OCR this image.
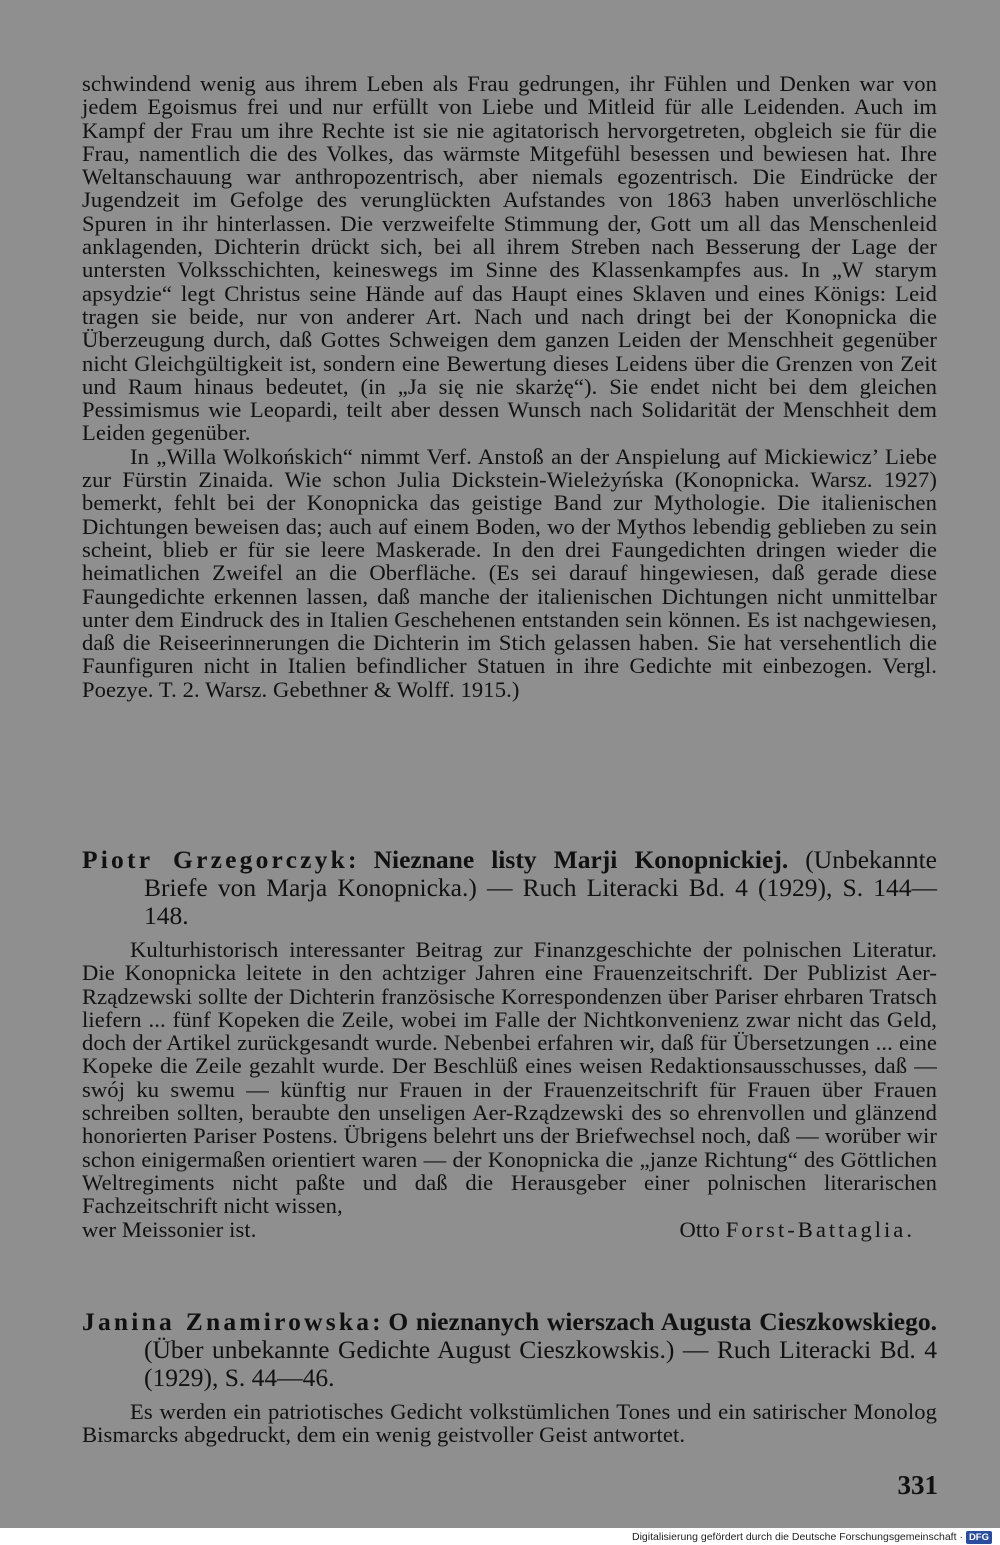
schwindend wenig aus ihrem Leben als Frau gedrungen, ihr Fühlen und Denken war von jedem Egoismus frei und nur erfüllt von Liebe und Mitleid für alle Leidenden. Auch im Kampf der Frau um ihre Rechte ist sie nie agitatorisch hervorgetreten, obgleich sie für die Frau, namentlich die des Volkes, das wärmste Mitgefühl besessen und bewiesen hat. Ihre Weltanschauung war anthropozentrisch, aber niemals egozentrisch. Die Eindrücke der Jugendzeit im Gefolge des verunglückten Aufstandes von 1863 haben unverlöschliche Spuren in ihr hinterlassen. Die verzweifelte Stimmung der, Gott um all das Menschenleid anklagenden, Dichterin drückt sich, bei all ihrem Streben nach Besserung der Lage der untersten Volksschichten, keineswegs im Sinne des Klassenkampfes aus. In „W starym apsydzie“ legt Christus seine Hände auf das Haupt eines Sklaven und eines Königs: Leid tragen sie beide, nur von anderer Art. Nach und nach dringt bei der Konopnicka die Überzeugung durch, daß Gottes Schweigen dem ganzen Leiden der Menschheit gegenüber nicht Gleichgültigkeit ist, sondern eine Bewertung dieses Leidens über die Grenzen von Zeit und Raum hinaus bedeutet, (in „Ja się nie skarżę“). Sie endet nicht bei dem gleichen Pessimismus wie Leopardi, teilt aber dessen Wunsch nach Solidarität der Menschheit dem Leiden gegenüber.

In „Willa Wolkońskich“ nimmt Verf. Anstoß an der Anspielung auf Mickiewicz’ Liebe zur Fürstin Zinaida. Wie schon Julia Dickstein-Wieleżyńska (Konopnicka. Warsz. 1927) bemerkt, fehlt bei der Konopnicka das geistige Band zur Mythologie. Die italienischen Dichtungen beweisen das; auch auf einem Boden, wo der Mythos lebendig geblieben zu sein scheint, blieb er für sie leere Maskerade. In den drei Faungedichten dringen wieder die heimatlichen Zweifel an die Oberfläche. (Es sei darauf hingewiesen, daß gerade diese Faungedichte erkennen lassen, daß manche der italienischen Dichtungen nicht unmittelbar unter dem Eindruck des in Italien Geschehenen entstanden sein können. Es ist nachgewiesen, daß die Reiseerinnerungen die Dichterin im Stich gelassen haben. Sie hat versehentlich die Faunfiguren nicht in Italien befindlicher Statuen in ihre Gedichte mit einbezogen. Vergl. Poezye. T. 2. Warsz. Gebethner & Wolff. 1915.)

Piotr Grzegorczyk: Nieznane listy Marji Konopnickiej. (Unbekannte Briefe von Marja Konopnicka.) — Ruch Literacki Bd. 4 (1929), S. 144—148.

Kulturhistorisch interessanter Beitrag zur Finanzgeschichte der polnischen Literatur. Die Konopnicka leitete in den achtziger Jahren eine Frauenzeitschrift. Der Publizist Aer-Rządzewski sollte der Dichterin französische Korrespondenzen über Pariser ehrbaren Tratsch liefern ... fünf Kopeken die Zeile, wobei im Falle der Nichtkonvenienz zwar nicht das Geld, doch der Artikel zurückgesandt wurde. Nebenbei erfahren wir, daß für Übersetzungen ... eine Kopeke die Zeile gezahlt wurde. Der Beschlüß eines weisen Redaktionsausschusses, daß — swój ku swemu — künftig nur Frauen in der Frauenzeitschrift für Frauen über Frauen schreiben sollten, beraubte den unseligen Aer-Rządzewski des so ehrenvollen und glänzend honorierten Pariser Postens. Übrigens belehrt uns der Briefwechsel noch, daß — worüber wir schon einigermaßen orientiert waren — der Konopnicka die „janze Richtung“ des Göttlichen Weltregiments nicht paßte und daß die Herausgeber einer polnischen literarischen Fachzeitschrift nicht wissen,

wer Meissonier ist.	Otto Forst-Battaglia.

Janina Znamirowska: O nieznanych wierszach Augusta Cieszkowskiego. (Über unbekannte Gedichte August Cieszkowskis.) — Ruch Literacki Bd. 4 (1929), S. 44—46.

Es werden ein patriotisches Gedicht volkstümlichen Tones und ein satirischer Monolog Bismarcks abgedruckt, dem ein wenig geistvoller Geist antwortet.

331
Digitalisierung gefördert durch die Deutsche Forschungsgemeinschaft · DFG
